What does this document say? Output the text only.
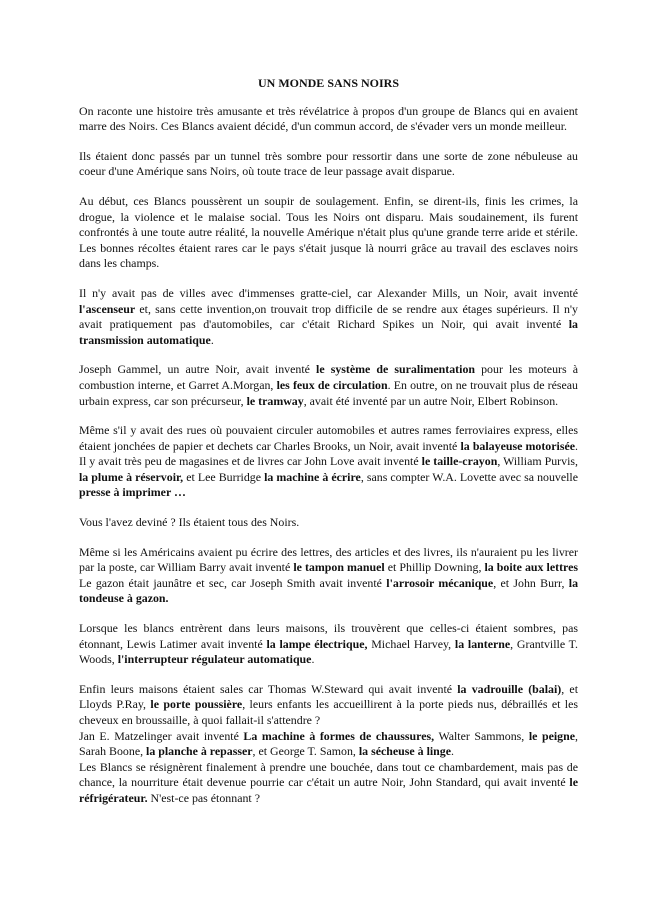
UN MONDE SANS NOIRS

On raconte une histoire très amusante et très révélatrice à propos d'un groupe de Blancs qui en avaient marre des Noirs. Ces Blancs avaient décidé, d'un commun accord, de s'évader vers un monde meilleur.

Ils étaient donc passés par un tunnel très sombre pour ressortir dans une sorte de zone nébuleuse au coeur d'une Amérique sans Noirs, où toute trace de leur passage avait disparue.

Au début, ces Blancs poussèrent un soupir de soulagement. Enfin, se dirent-ils, finis les crimes, la drogue, la violence et le malaise social. Tous les Noirs ont disparu. Mais soudainement, ils furent confrontés à une toute autre réalité, la nouvelle Amérique n'était plus qu'une grande terre aride et stérile. Les bonnes récoltes étaient rares car le pays s'était jusque là nourri grâce au travail des esclaves noirs dans les champs.

Il n'y avait pas de villes avec d'immenses gratte-ciel, car Alexander Mills, un Noir, avait inventé l'ascenseur et, sans cette invention,on trouvait trop difficile de se rendre aux étages supérieurs. Il n'y avait pratiquement pas d'automobiles, car c'était Richard Spikes un Noir, qui avait inventé la transmission automatique.

Joseph Gammel, un autre Noir, avait inventé le système de suralimentation pour les moteurs à combustion interne, et Garret A.Morgan, les feux de circulation. En outre, on ne trouvait plus de réseau urbain express, car son précurseur, le tramway, avait été inventé par un autre Noir, Elbert Robinson.

Même s'il y avait des rues où pouvaient circuler automobiles et autres rames ferroviaires express, elles étaient jonchées de papier et dechets car Charles Brooks, un Noir, avait inventé la balayeuse motorisée. Il y avait très peu de magasines et de livres car John Love avait inventé le taille-crayon, William Purvis, la plume à réservoir, et Lee Burridge la machine à écrire, sans compter W.A. Lovette avec sa nouvelle presse à imprimer …

Vous l'avez deviné ? Ils étaient tous des Noirs.

Même si les Américains avaient pu écrire des lettres, des articles et des livres, ils n'auraient pu les livrer par la poste, car William Barry avait inventé le tampon manuel et Phillip Downing, la boite aux lettres Le gazon était jaunâtre et sec, car Joseph Smith avait inventé l'arrosoir mécanique, et John Burr, la tondeuse à gazon.

Lorsque les blancs entrèrent dans leurs maisons, ils trouvèrent que celles-ci étaient sombres, pas étonnant, Lewis Latimer avait inventé la lampe électrique, Michael Harvey, la lanterne, Grantville T. Woods, l'interrupteur régulateur automatique.

Enfin leurs maisons étaient sales car Thomas W.Steward qui avait inventé la vadrouille (balai), et Lloyds P.Ray, le porte poussière, leurs enfants les accueillirent à la porte pieds nus, débraillés et les cheveux en broussaille, à quoi fallait-il s'attendre ?

Jan E. Matzelinger avait inventé La machine à formes de chaussures, Walter Sammons, le peigne, Sarah Boone, la planche à repasser, et George T. Samon, la sécheuse à linge.

Les Blancs se résignèrent finalement à prendre une bouchée, dans tout ce chambardement, mais pas de chance, la nourriture était devenue pourrie car c'était un autre Noir, John Standard, qui avait inventé le réfrigérateur. N'est-ce pas étonnant ?
